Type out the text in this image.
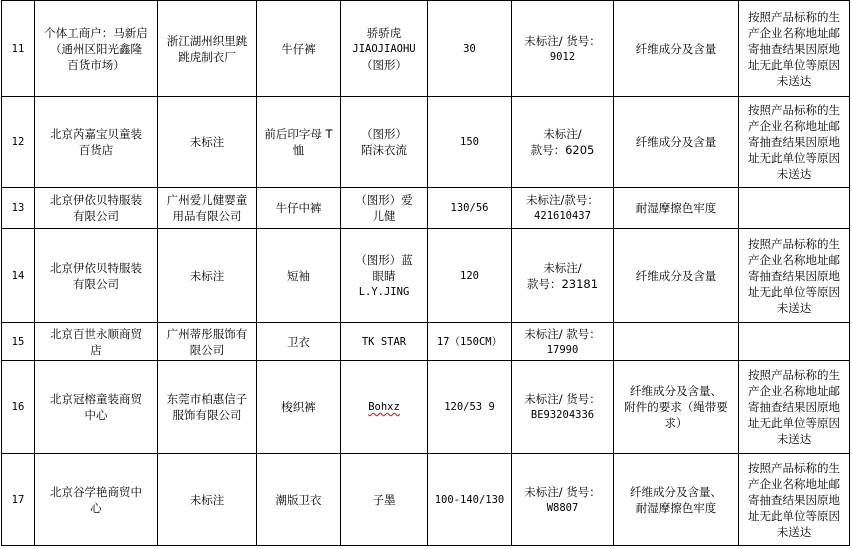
11	个体工商户：马新启
（通州区阳光鑫隆
百货市场）	浙江湖州织里跳
跳虎制衣厂	牛仔裤	骄骄虎
JIAOJIAOHU
（图形）	30	未标注/ 货号：
9012	纤维成分及含量	按照产品标称的生
产企业名称地址邮
寄抽查结果因原地
址无此单位等原因
未送达

12	北京芮嘉宝贝童装
百货店	未标注	前后印字母 T
恤	（图形）
陌沫衣流	150	未标注/
款号：6205	纤维成分及含量	按照产品标称的生
产企业名称地址邮
寄抽查结果因原地
址无此单位等原因
未送达

13	北京伊依贝特服装
有限公司	广州爱儿健婴童
用品有限公司	牛仔中裤	（图形）爱
儿健	130/56	未标注/款号：
421610437	耐湿摩擦色牢度	

14	北京伊依贝特服装
有限公司	未标注	短袖	（图形）蓝
眼睛
L.Y.JING	120	未标注/
款号：23181	纤维成分及含量	按照产品标称的生
产企业名称地址邮
寄抽查结果因原地
址无此单位等原因
未送达

15	北京百世永顺商贸
店	广州蒂彤服饰有
限公司	卫衣	TK STAR	17（150CM）	未标注/ 款号：
17990		

16	北京冠榕童装商贸
中心	东莞市柏惠信子
服饰有限公司	梭织裤	Bohxz	120/53 9	未标注/ 货号：
BE93204336	纤维成分及含量、
附件的要求（绳带要
求）	按照产品标称的生
产企业名称地址邮
寄抽查结果因原地
址无此单位等原因
未送达

17	北京谷学艳商贸中
心	未标注	潮版卫衣	子墨	100-140/130	未标注/ 货号：
W8807	纤维成分及含量、
耐湿摩擦色牢度	按照产品标称的生
产企业名称地址邮
寄抽查结果因原地
址无此单位等原因
未送达
